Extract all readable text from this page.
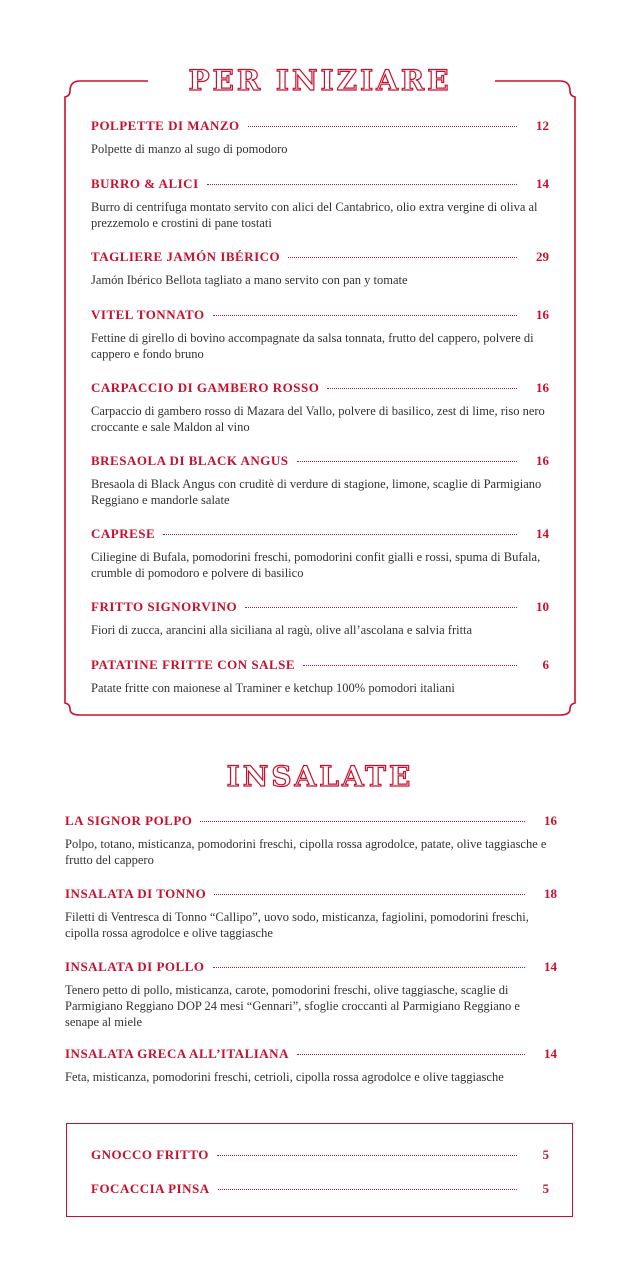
PER INIZIARE
POLPETTE DI MANZO	12
Polpette di manzo al sugo di pomodoro
BURRO & ALICI	14
Burro di centrifuga montato servito con alici del Cantabrico, olio extra vergine di oliva al prezzemolo e crostini di pane tostati
TAGLIERE JAMÓN IBÉRICO	29
Jamón Ibérico Bellota tagliato a mano servito con pan y tomate
VITEL TONNATO	16
Fettine di girello di bovino accompagnate da salsa tonnata, frutto del cappero, polvere di cappero e fondo bruno
CARPACCIO DI GAMBERO ROSSO	16
Carpaccio di gambero rosso di Mazara del Vallo, polvere di basilico, zest di lime, riso nero croccante e sale Maldon al vino
BRESAOLA DI BLACK ANGUS	16
Bresaola di Black Angus con cruditè di verdure di stagione, limone, scaglie di Parmigiano Reggiano e mandorle salate
CAPRESE	14
Ciliegine di Bufala, pomodorini freschi, pomodorini confit gialli e rossi, spuma di Bufala, crumble di pomodoro e polvere di basilico
FRITTO SIGNORVINO	10
Fiori di zucca, arancini alla siciliana al ragù, olive all’ascolana e salvia fritta
PATATINE FRITTE CON SALSE	6
Patate fritte con maionese al Traminer e ketchup 100% pomodori italiani
INSALATE
LA SIGNOR POLPO	16
Polpo, totano, misticanza, pomodorini freschi, cipolla rossa agrodolce, patate, olive taggiasche e frutto del cappero
INSALATA DI TONNO	18
Filetti di Ventresca di Tonno “Callipo”, uovo sodo, misticanza, fagiolini, pomodorini freschi, cipolla rossa agrodolce e olive taggiasche
INSALATA DI POLLO	14
Tenero petto di pollo, misticanza, carote, pomodorini freschi, olive taggiasche, scaglie di Parmigiano Reggiano DOP 24 mesi “Gennari”, sfoglie croccanti al Parmigiano Reggiano e senape al miele
INSALATA GRECA ALL’ITALIANA	14
Feta, misticanza, pomodorini freschi, cetrioli, cipolla rossa agrodolce e olive taggiasche
GNOCCO FRITTO	5
FOCACCIA PINSA	5
